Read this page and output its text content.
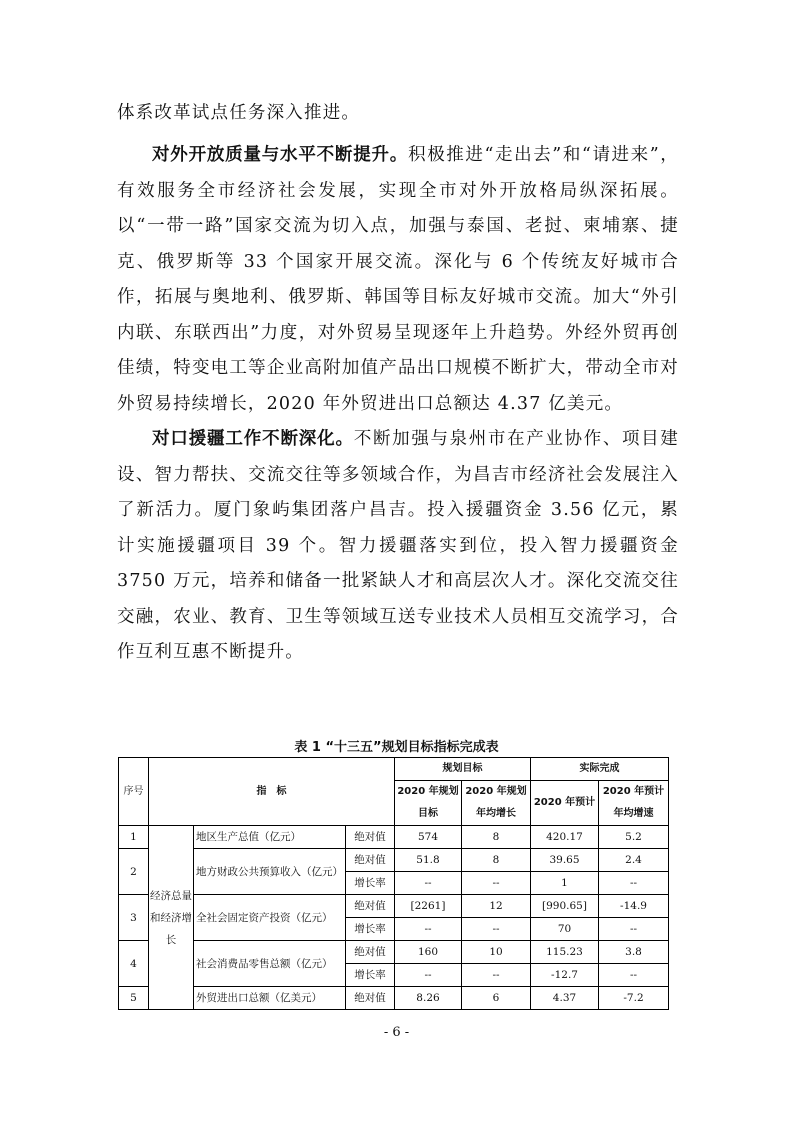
体系改革试点任务深入推进。

对外开放质量与水平不断提升。积极推进“走出去”和“请进来”，有效服务全市经济社会发展，实现全市对外开放格局纵深拓展。以“一带一路”国家交流为切入点，加强与泰国、老挝、柬埔寨、捷克、俄罗斯等 33 个国家开展交流。深化与 6 个传统友好城市合作，拓展与奥地利、俄罗斯、韩国等目标友好城市交流。加大“外引内联、东联西出”力度，对外贸易呈现逐年上升趋势。外经外贸再创佳绩，特变电工等企业高附加值产品出口规模不断扩大，带动全市对外贸易持续增长，2020 年外贸进出口总额达 4.37 亿美元。

对口援疆工作不断深化。不断加强与泉州市在产业协作、项目建设、智力帮扶、交流交往等多领域合作，为昌吉市经济社会发展注入了新活力。厦门象屿集团落户昌吉。投入援疆资金 3.56 亿元，累计实施援疆项目 39 个。智力援疆落实到位，投入智力援疆资金 3750 万元，培养和储备一批紧缺人才和高层次人才。深化交流交往交融，农业、教育、卫生等领域互送专业技术人员相互交流学习，合作互利互惠不断提升。

表 1 “十三五”规划目标指标完成表
序号	指　标			规划目标		实际完成	
				2020 年规划目标	2020 年规划年均增长	2020 年预计	2020 年预计年均增速
1	经济总量和经济增长	地区生产总值（亿元）	绝对值	574	8	420.17	5.2
2		地方财政公共预算收入（亿元）	绝对值	51.8	8	39.65	2.4
			增长率	--	--	1	--
3		全社会固定资产投资（亿元）	绝对值	[2261]	12	[990.65]	-14.9
			增长率	--	--	70	--
4		社会消费品零售总额（亿元）	绝对值	160	10	115.23	3.8
			增长率	--	--	-12.7	--
5		外贸进出口总额（亿美元）	绝对值	8.26	6	4.37	-7.2
- 6 -
